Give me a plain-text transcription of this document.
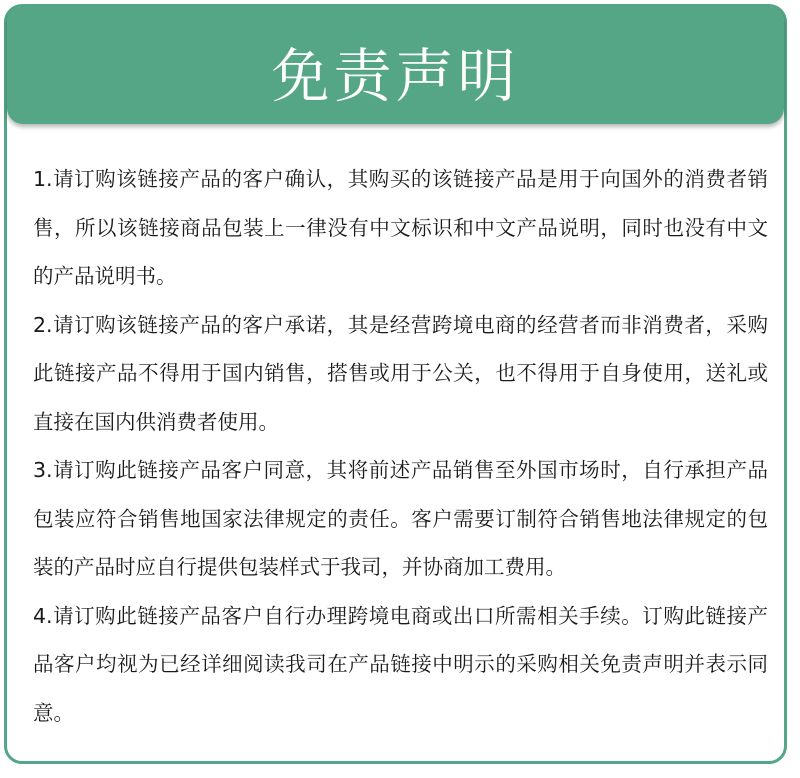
免责声明

1.请订购该链接产品的客户确认，其购买的该链接产品是用于向国外的消费者销售，所以该链接商品包装上一律没有中文标识和中文产品说明，同时也没有中文的产品说明书。

2.请订购该链接产品的客户承诺，其是经营跨境电商的经营者而非消费者，采购此链接产品不得用于国内销售，搭售或用于公关，也不得用于自身使用，送礼或直接在国内供消费者使用。

3.请订购此链接产品客户同意，其将前述产品销售至外国市场时，自行承担产品包装应符合销售地国家法律规定的责任。客户需要订制符合销售地法律规定的包装的产品时应自行提供包装样式于我司，并协商加工费用。

4.请订购此链接产品客户自行办理跨境电商或出口所需相关手续。订购此链接产品客户均视为已经详细阅读我司在产品链接中明示的采购相关免责声明并表示同意。
